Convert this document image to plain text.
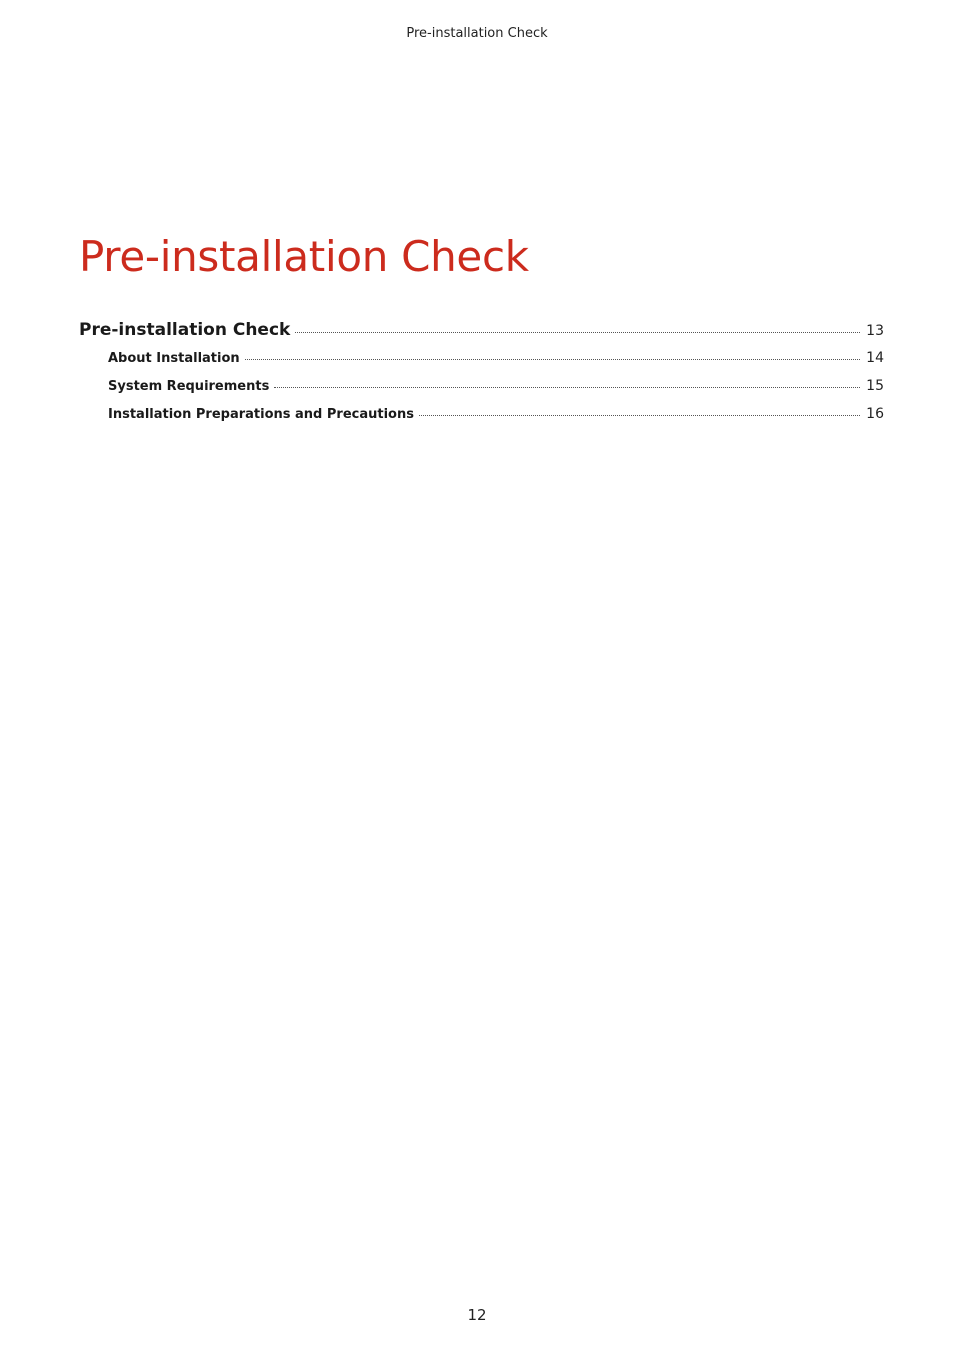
Pre-installation Check
Pre-installation Check
Pre-installation Check	13
About Installation	14
System Requirements	15
Installation Preparations and Precautions	16
12
